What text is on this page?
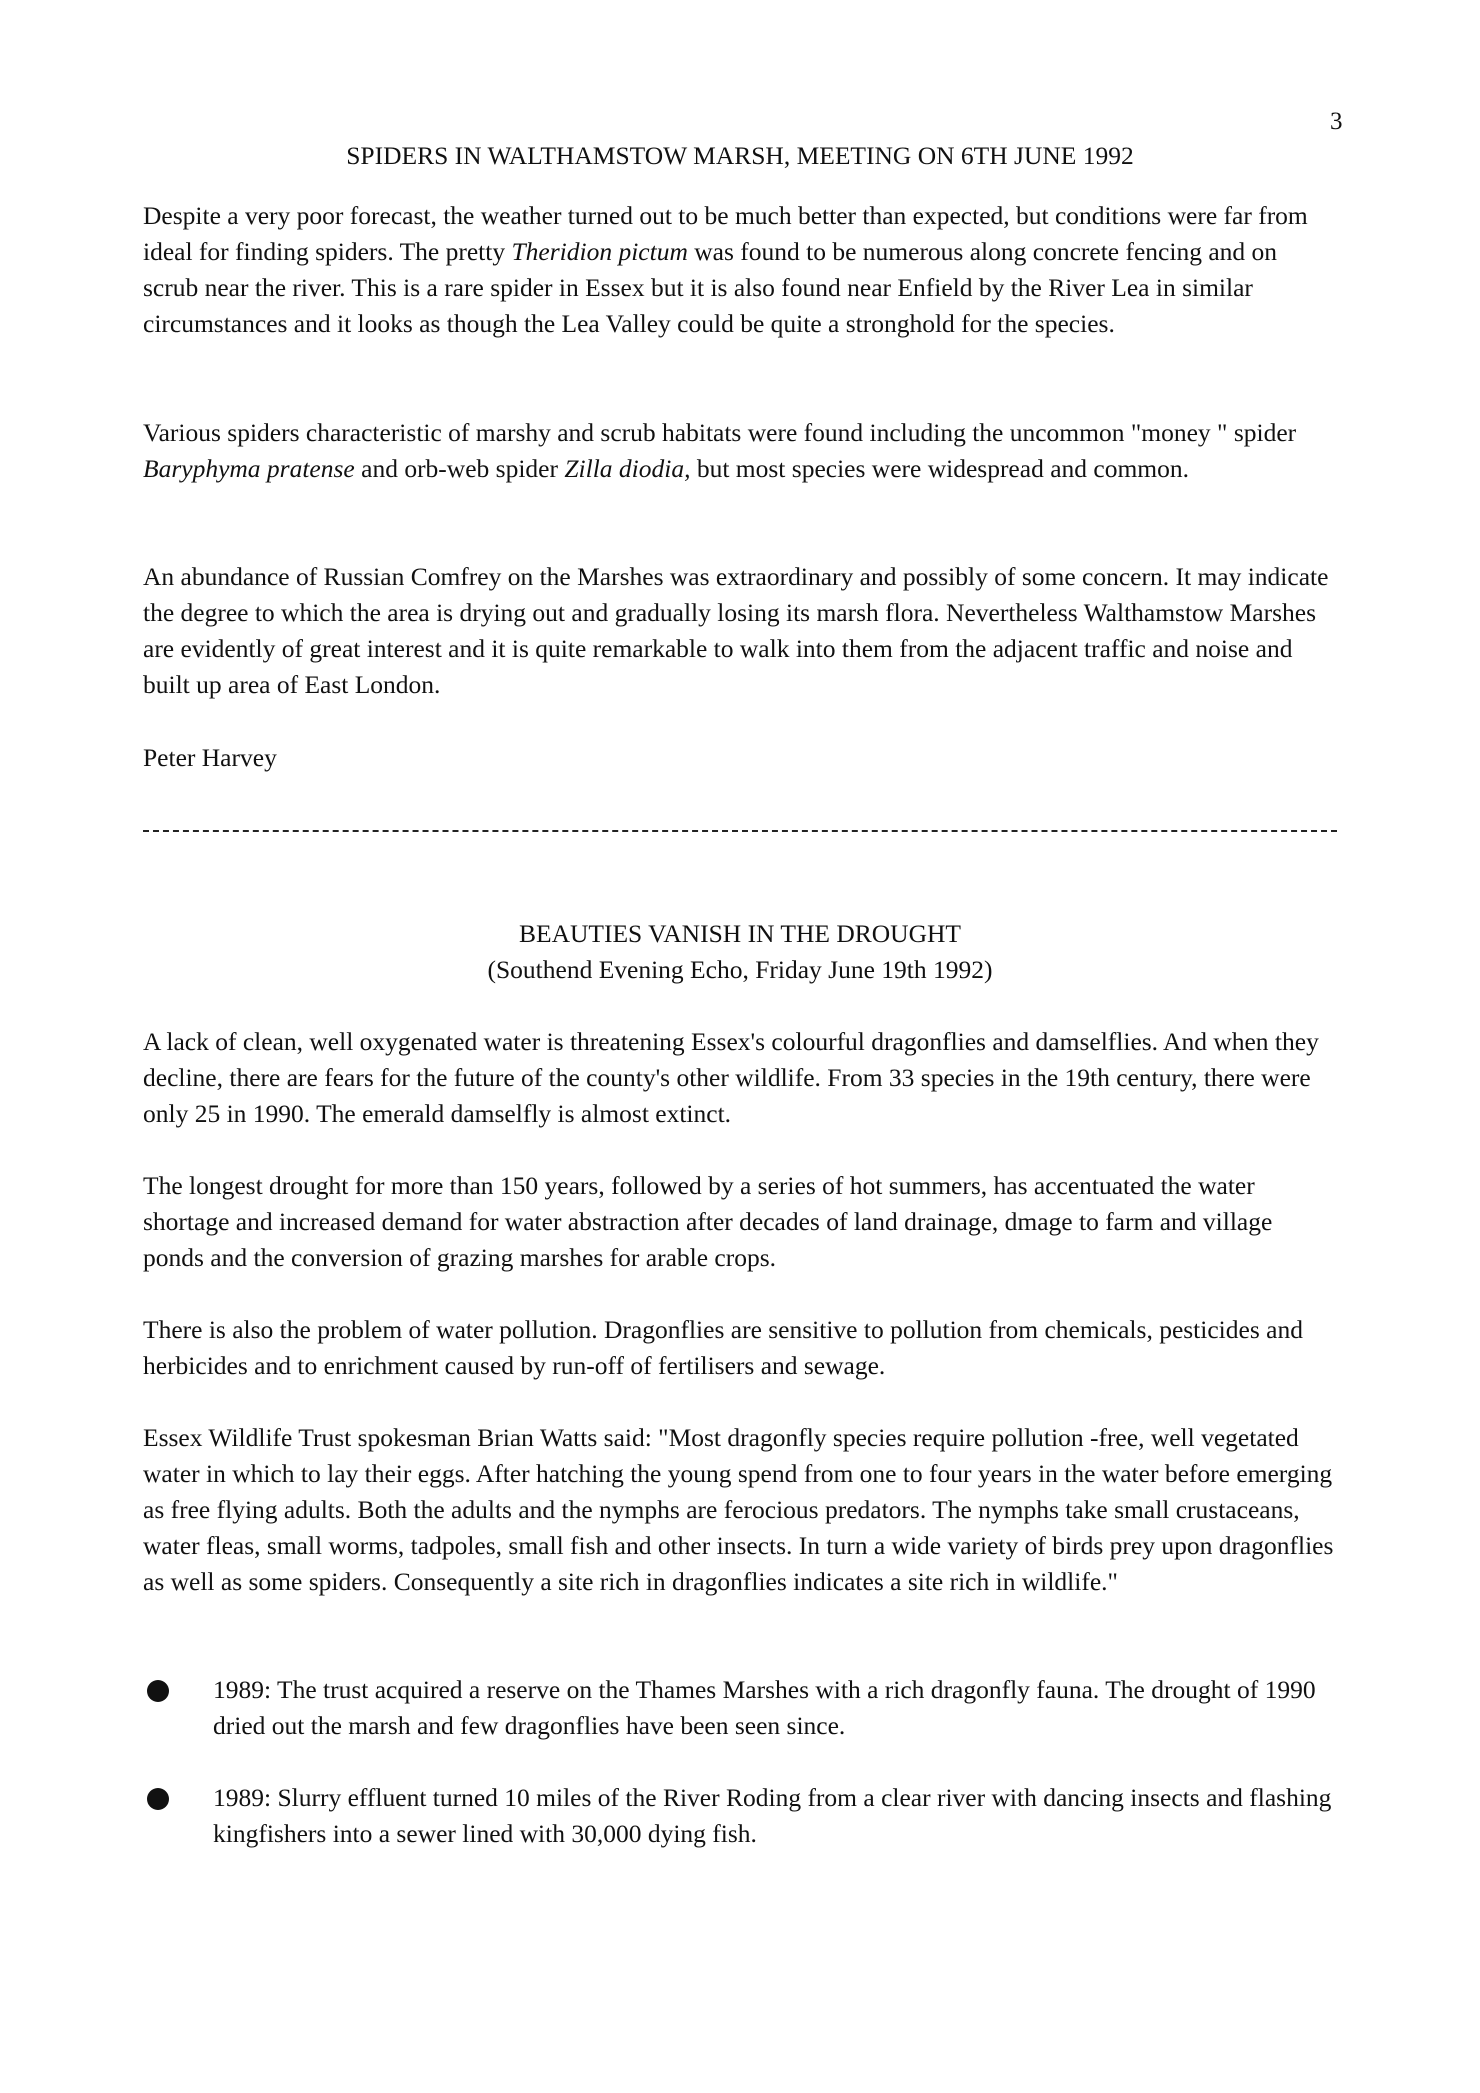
3
SPIDERS IN WALTHAMSTOW MARSH, MEETING ON 6TH JUNE 1992

Despite a very poor forecast, the weather turned out to be much better than expected, but conditions were far from ideal for finding spiders. The pretty Theridion pictum was found to be numerous along concrete fencing and on scrub near the river. This is a rare spider in Essex but it is also found near Enfield by the River Lea in similar circumstances and it looks as though the Lea Valley could be quite a stronghold for the species.

Various spiders characteristic of marshy and scrub habitats were found including the uncommon "money " spider Baryphyma pratense and orb-web spider Zilla diodia, but most species were widespread and common.

An abundance of Russian Comfrey on the Marshes was extraordinary and possibly of some concern. It may indicate the degree to which the area is drying out and gradually losing its marsh flora. Nevertheless Walthamstow Marshes are evidently of great interest and it is quite remarkable to walk into them from the adjacent traffic and noise and built up area of East London.

Peter Harvey

BEAUTIES VANISH IN THE DROUGHT
(Southend Evening Echo, Friday June 19th 1992)

A lack of clean, well oxygenated water is threatening Essex's colourful dragonflies and damselflies. And when they decline, there are fears for the future of the county's other wildlife. From 33 species in the 19th century, there were only 25 in 1990. The emerald damselfly is almost extinct.

The longest drought for more than 150 years, followed by a series of hot summers, has accentuated the water shortage and increased demand for water abstraction after decades of land drainage, dmage to farm and village ponds and the conversion of grazing marshes for arable crops.

There is also the problem of water pollution. Dragonflies are sensitive to pollution from chemicals, pesticides and herbicides and to enrichment caused by run-off of fertilisers and sewage.

Essex Wildlife Trust spokesman Brian Watts said: "Most dragonfly species require pollution -free, well vegetated water in which to lay their eggs. After hatching the young spend from one to four years in the water before emerging as free flying adults. Both the adults and the nymphs are ferocious predators. The nymphs take small crustaceans, water fleas, small worms, tadpoles, small fish and other insects. In turn a wide variety of birds prey upon dragonflies as well as some spiders. Consequently a site rich in dragonflies indicates a site rich in wildlife."

1989: The trust acquired a reserve on the Thames Marshes with a rich dragonfly fauna. The drought of 1990 dried out the marsh and few dragonflies have been seen since.

1989: Slurry effluent turned 10 miles of the River Roding from a clear river with dancing insects and flashing kingfishers into a sewer lined with 30,000 dying fish.
